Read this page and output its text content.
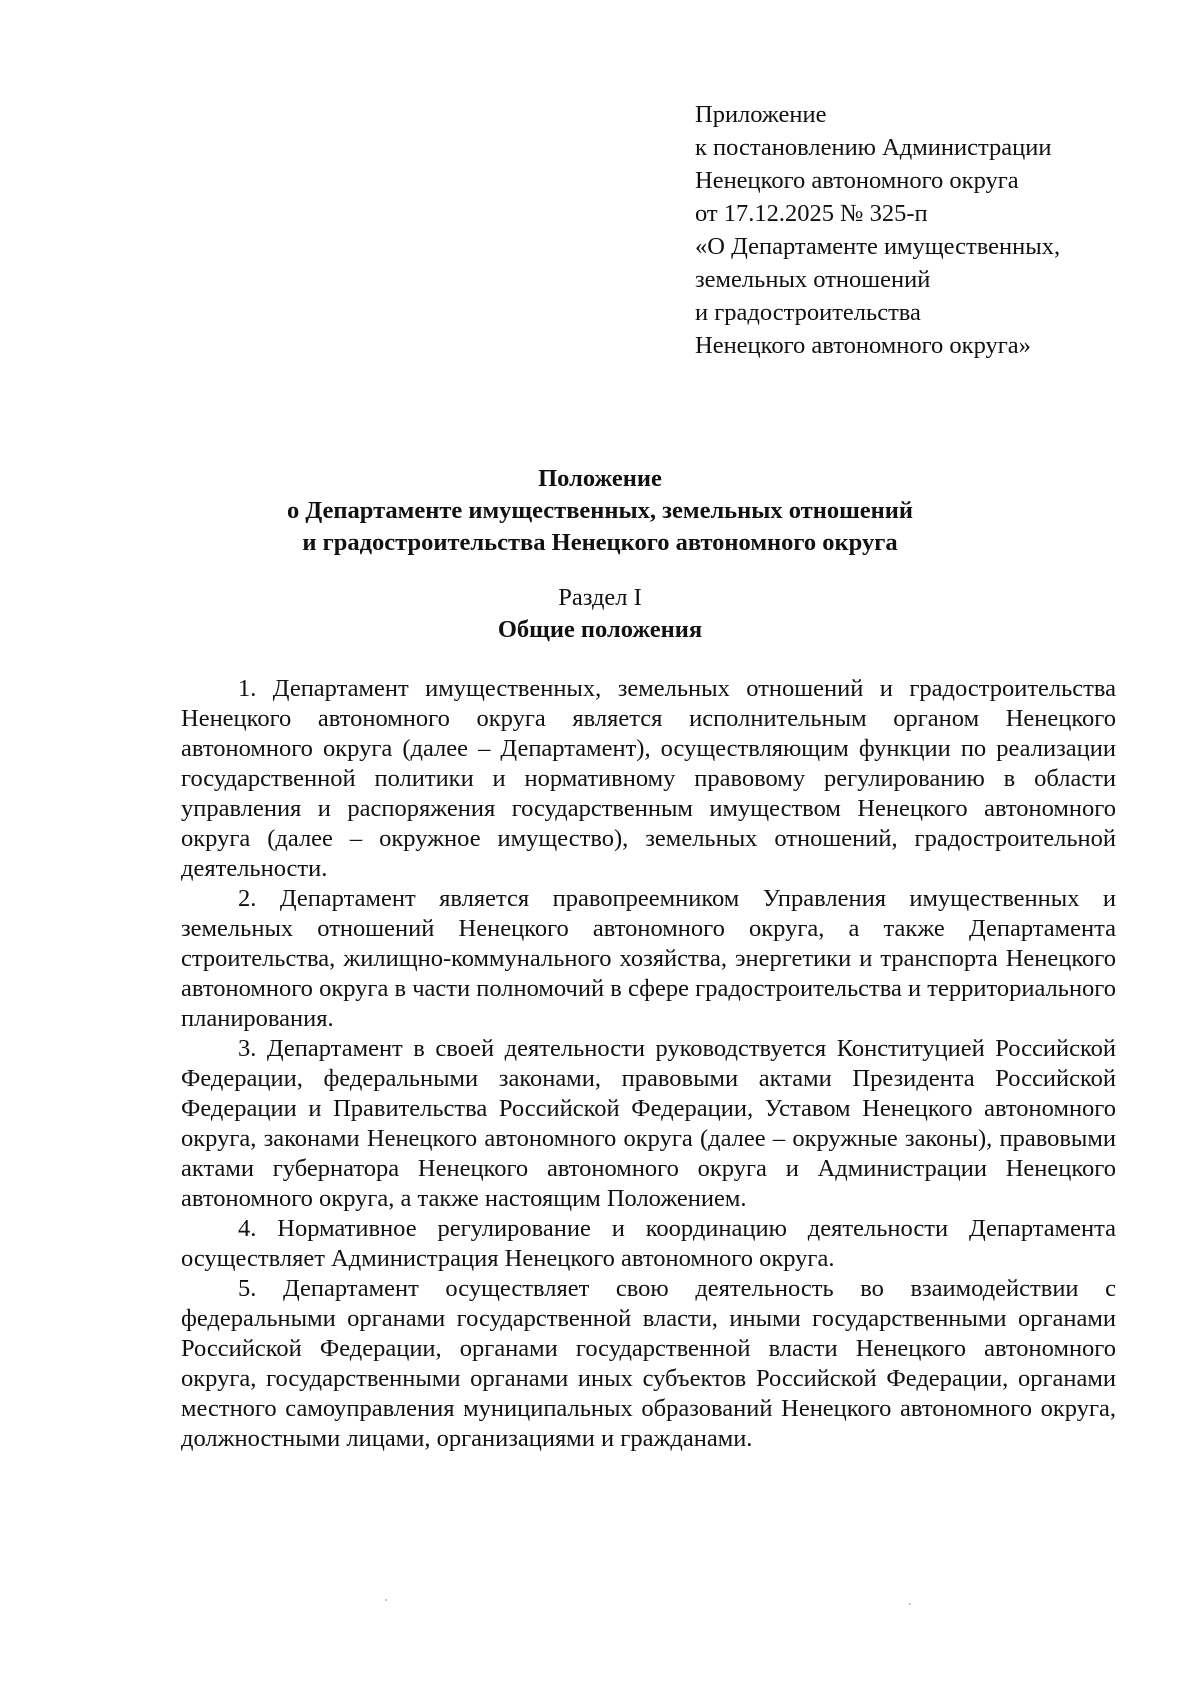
Приложение
к постановлению Администрации
Ненецкого автономного округа
от 17.12.2025 № 325-п
«О Департаменте имущественных,
земельных отношений
и градостроительства
Ненецкого автономного округа»
Положение
о Департаменте имущественных, земельных отношений
и градостроительства Ненецкого автономного округа
Раздел I
Общие положения

1. Департамент имущественных, земельных отношений и градостроительства Ненецкого автономного округа является исполнительным органом Ненецкого автономного округа (далее – Департамент), осуществляющим функции по реализации государственной политики и нормативному правовому регулированию в области управления и распоряжения государственным имуществом Ненецкого автономного округа (далее – окружное имущество), земельных отношений, градостроительной деятельности.

2. Департамент является правопреемником Управления имущественных и земельных отношений Ненецкого автономного округа, а также Департамента строительства, жилищно-коммунального хозяйства, энергетики и транспорта Ненецкого автономного округа в части полномочий в сфере градостроительства и территориального планирования.

3. Департамент в своей деятельности руководствуется Конституцией Российской Федерации, федеральными законами, правовыми актами Президента Российской Федерации и Правительства Российской Федерации, Уставом Ненецкого автономного округа, законами Ненецкого автономного округа (далее – окружные законы), правовыми актами губернатора Ненецкого автономного округа и Администрации Ненецкого автономного округа, а также настоящим Положением.

4. Нормативное регулирование и координацию деятельности Департамента осуществляет Администрация Ненецкого автономного округа.

5. Департамент осуществляет свою деятельность во взаимодействии с федеральными органами государственной власти, иными государственными органами Российской Федерации, органами государственной власти Ненецкого автономного округа, государственными органами иных субъектов Российской Федерации, органами местного самоуправления муниципальных образований Ненецкого автономного округа, должностными лицами, организациями и гражданами.
